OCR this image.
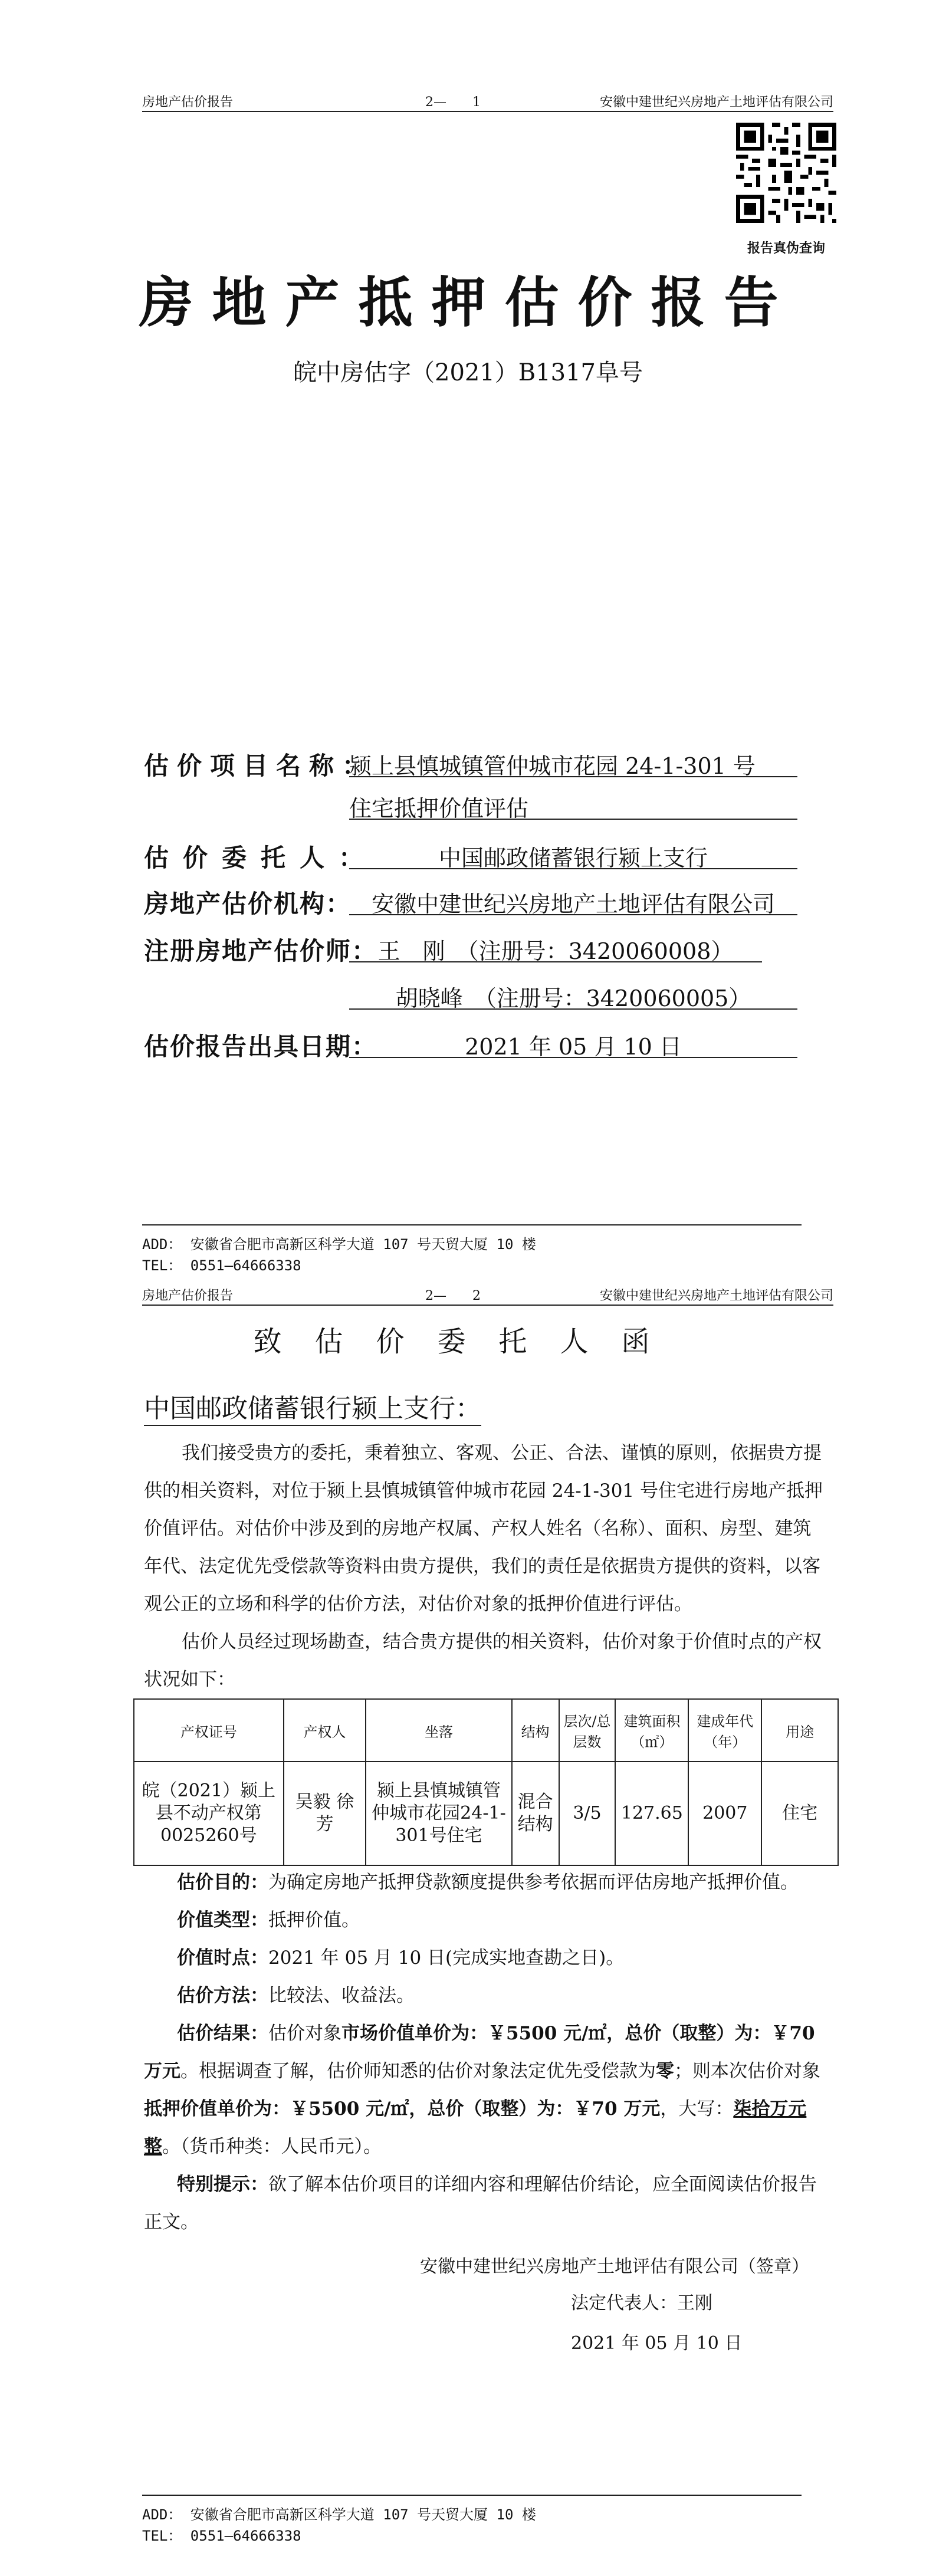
房地产估价报告	2—　　1	安徽中建世纪兴房地产土地评估有限公司
报告真伪查询
房地产抵押估价报告
皖中房估字（2021）B1317阜号
估价项目名称：
颍上县慎城镇管仲城市花园 24-1-301 号
住宅抵押价值评估
估价委托人：	中国邮政储蓄银行颍上支行
房地产估价机构： 安徽中建世纪兴房地产土地评估有限公司
注册房地产估价师： 王　刚　（注册号：3420060008）
胡晓峰　（注册号：3420060005）
估价报告出具日期：	2021 年 05 月 10 日
ADD： 安徽省合肥市高新区科学大道 107 号天贸大厦 10 楼
TEL： 0551—64666338
房地产估价报告	2—　　2	安徽中建世纪兴房地产土地评估有限公司
致估价委托人函
中国邮政储蓄银行颍上支行：
我们接受贵方的委托，秉着独立、客观、公正、合法、谨慎的原则，依据贵方提供的相关资料，对位于颍上县慎城镇管仲城市花园 24-1-301 号住宅进行房地产抵押价值评估。对估价中涉及到的房地产权属、产权人姓名（名称）、面积、房型、建筑年代、法定优先受偿款等资料由贵方提供，我们的责任是依据贵方提供的资料，以客观公正的立场和科学的估价方法，对估价对象的抵押价值进行评估。
估价人员经过现场勘查，结合贵方提供的相关资料，估价对象于价值时点的产权状况如下：
产权证号	产权人	坐落	结构	层次/总层数	建筑面积（㎡）	建成年代（年）	用途
皖（2021）颍上县不动产权第0025260号	吴毅 徐芳	颍上县慎城镇管仲城市花园24-1-301号住宅	混合结构	3/5	127.65	2007	住宅
估价目的：为确定房地产抵押贷款额度提供参考依据而评估房地产抵押价值。
价值类型：抵押价值。
价值时点：2021 年 05 月 10 日(完成实地查勘之日)。
估价方法：比较法、收益法。
估价结果：估价对象市场价值单价为：￥5500 元/㎡，总价（取整）为：￥70 万元。根据调查了解，估价师知悉的估价对象法定优先受偿款为零；则本次估价对象抵押价值单价为：￥5500 元/㎡，总价（取整）为：￥70 万元，大写：柒拾万元整。（货币种类：人民币元）。
特别提示：欲了解本估价项目的详细内容和理解估价结论，应全面阅读估价报告正文。
安徽中建世纪兴房地产土地评估有限公司（签章）
法定代表人：王刚
2021 年 05 月 10 日
ADD： 安徽省合肥市高新区科学大道 107 号天贸大厦 10 楼
TEL： 0551—64666338
